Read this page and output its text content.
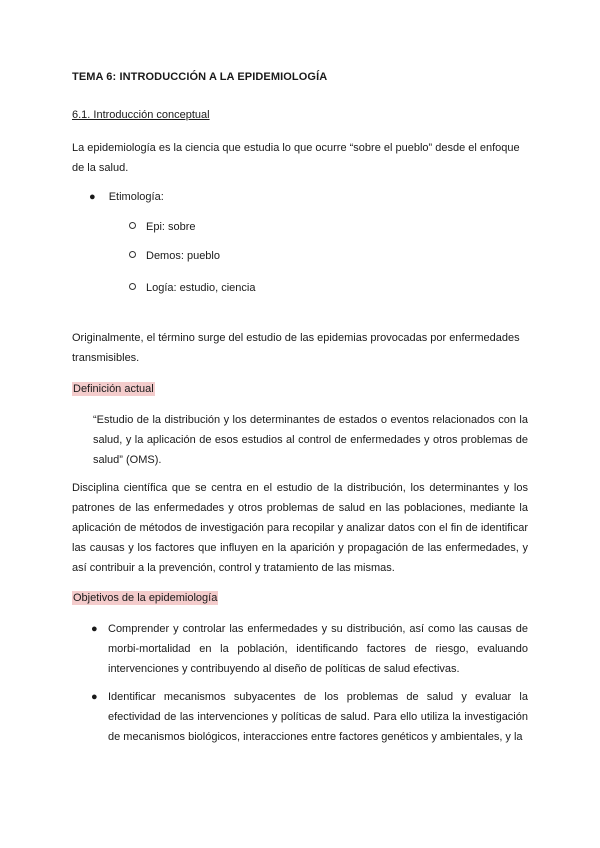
TEMA 6: INTRODUCCIÓN A LA EPIDEMIOLOGÍA
6.1. Introducción conceptual

La epidemiología es la ciencia que estudia lo que ocurre “sobre el pueblo” desde el enfoque de la salud.

● Etimología:
Epi: sobre
Demos: pueblo
Logía: estudio, ciencia

Originalmente, el término surge del estudio de las epidemias provocadas por enfermedades transmisibles.

Definición actual

“Estudio de la distribución y los determinantes de estados o eventos relacionados con la salud, y la aplicación de esos estudios al control de enfermedades y otros problemas de salud” (OMS).

Disciplina científica que se centra en el estudio de la distribución, los determinantes y los patrones de las enfermedades y otros problemas de salud en las poblaciones, mediante la aplicación de métodos de investigación para recopilar y analizar datos con el fin de identificar las causas y los factores que influyen en la aparición y propagación de las enfermedades, y así contribuir a la prevención, control y tratamiento de las mismas.

Objetivos de la epidemiología
● Comprender y controlar las enfermedades y su distribución, así como las causas de morbi-mortalidad en la población, identificando factores de riesgo, evaluando intervenciones y contribuyendo al diseño de políticas de salud efectivas.
● Identificar mecanismos subyacentes de los problemas de salud y evaluar la efectividad de las intervenciones y políticas de salud. Para ello utiliza la investigación de mecanismos biológicos, interacciones entre factores genéticos y ambientales, y la
